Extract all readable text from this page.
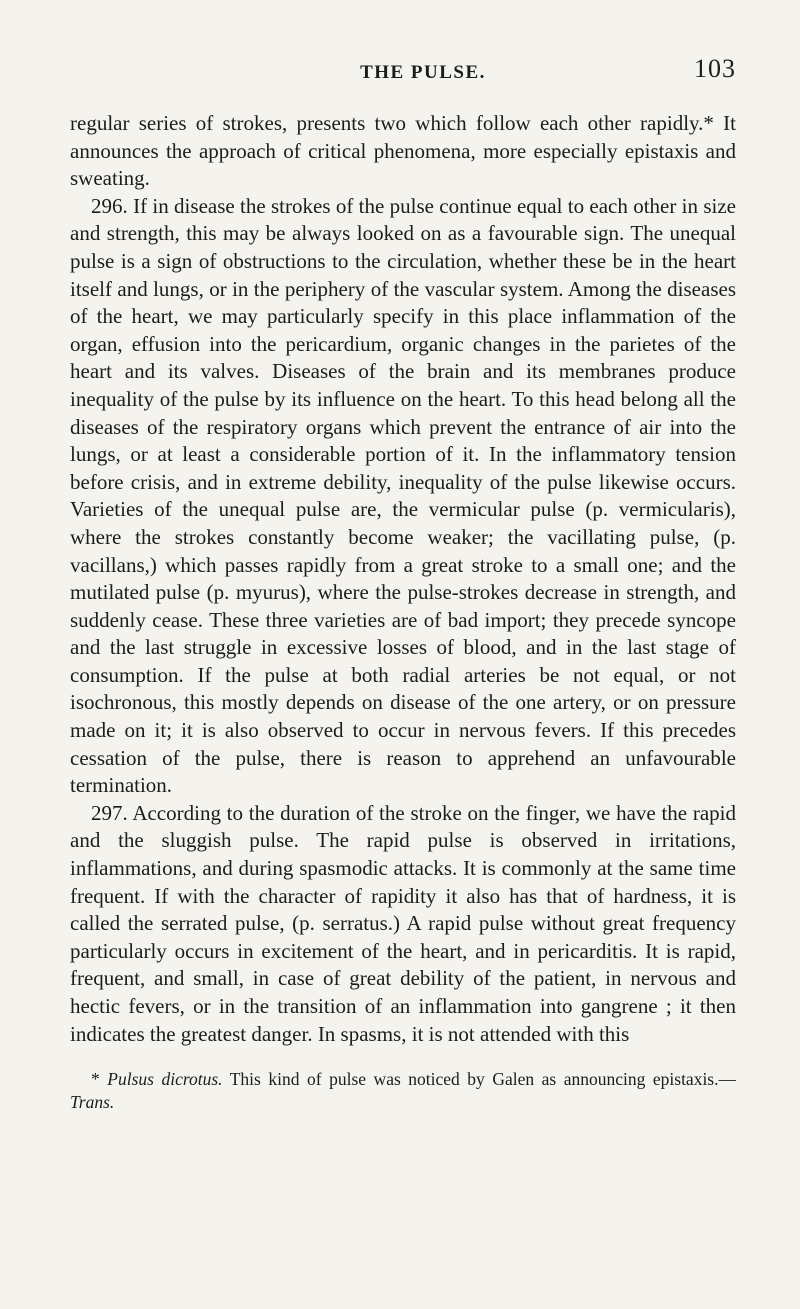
THE PULSE.	103

regular series of strokes, presents two which follow each other rapidly.* It announces the approach of critical phenomena, more especially epistaxis and sweating.

296. If in disease the strokes of the pulse continue equal to each other in size and strength, this may be always looked on as a favourable sign. The unequal pulse is a sign of obstructions to the circulation, whether these be in the heart itself and lungs, or in the periphery of the vascular system. Among the diseases of the heart, we may particularly specify in this place inflammation of the organ, effusion into the pericardium, organic changes in the parietes of the heart and its valves. Diseases of the brain and its membranes produce inequality of the pulse by its influence on the heart. To this head belong all the diseases of the respiratory organs which prevent the entrance of air into the lungs, or at least a considerable portion of it. In the inflammatory tension before crisis, and in extreme debility, inequality of the pulse likewise occurs. Varieties of the unequal pulse are, the vermicular pulse (p. vermicularis), where the strokes constantly become weaker; the vacillating pulse, (p. vacillans,) which passes rapidly from a great stroke to a small one; and the mutilated pulse (p. myurus), where the pulse-strokes decrease in strength, and suddenly cease. These three varieties are of bad import; they precede syncope and the last struggle in excessive losses of blood, and in the last stage of consumption. If the pulse at both radial arteries be not equal, or not isochronous, this mostly depends on disease of the one artery, or on pressure made on it; it is also observed to occur in nervous fevers. If this precedes cessation of the pulse, there is reason to apprehend an unfavourable termination.

297. According to the duration of the stroke on the finger, we have the rapid and the sluggish pulse. The rapid pulse is observed in irritations, inflammations, and during spasmodic attacks. It is commonly at the same time frequent. If with the character of rapidity it also has that of hardness, it is called the serrated pulse, (p. serratus.) A rapid pulse without great frequency particularly occurs in excitement of the heart, and in pericarditis. It is rapid, frequent, and small, in case of great debility of the patient, in nervous and hectic fevers, or in the transition of an inflammation into gangrene ; it then indicates the greatest danger. In spasms, it is not attended with this

* Pulsus dicrotus. This kind of pulse was noticed by Galen as announcing epistaxis.— Trans.
